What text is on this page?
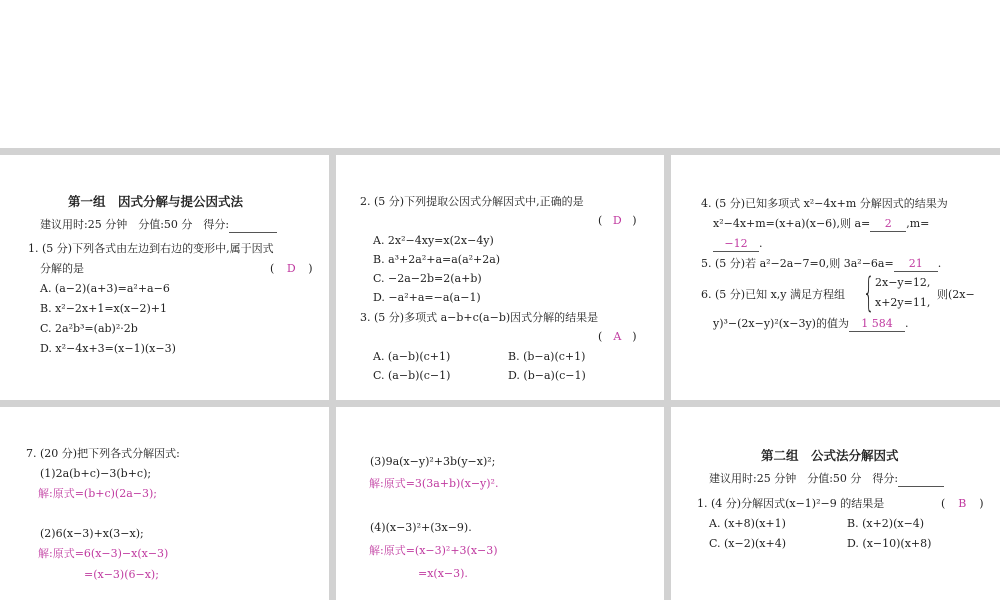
第一组　因式分解与提公因式法
建议用时:25 分钟　分值:50 分　得分:
1. (5 分)下列各式由左边到右边的变形中,属于因式
分解的是	( D )
A. (a−2)(a+3)=a²+a−6
B. x²−2x+1=x(x−2)+1
C. 2a²b³=(ab)²·2b
D. x²−4x+3=(x−1)(x−3)
2. (5 分)下列提取公因式分解因式中,正确的是
( D )
A. 2x²−4xy=x(2x−4y)
B. a³+2a²+a=a(a²+2a)
C. −2a−2b=2(a+b)
D. −a²+a=−a(a−1)
3. (5 分)多项式 a−b+c(a−b)因式分解的结果是
( A )
A. (a−b)(c+1)	B. (b−a)(c+1)
C. (a−b)(c−1)	D. (b−a)(c−1)
4. (5 分)已知多项式 x²−4x+m 分解因式的结果为
x²−4x+m=(x+a)(x−6),则 a= 2 ,m=
−12 .
5. (5 分)若 a²−2a−7=0,则 3a²−6a= 21 .
6. (5 分)已知 x,y 满足方程组 { 2x−y=12,
x+2y=11,
则(2x−
y)³−(2x−y)²(x−3y)的值为 1 584 .
7. (20 分)把下列各式分解因式:
(1)2a(b+c)−3(b+c);
解:原式=(b+c)(2a−3);
(2)6(x−3)+x(3−x);
解:原式=6(x−3)−x(x−3)
=(x−3)(6−x);
(3)9a(x−y)²+3b(y−x)²;
解:原式=3(3a+b)(x−y)².
(4)(x−3)²+(3x−9).
解:原式=(x−3)²+3(x−3)
=x(x−3).
第二组　公式法分解因式
建议用时:25 分钟　分值:50 分　得分:
1. (4 分)分解因式(x−1)²−9 的结果是	( B )
A. (x+8)(x+1)	B. (x+2)(x−4)
C. (x−2)(x+4)	D. (x−10)(x+8)
